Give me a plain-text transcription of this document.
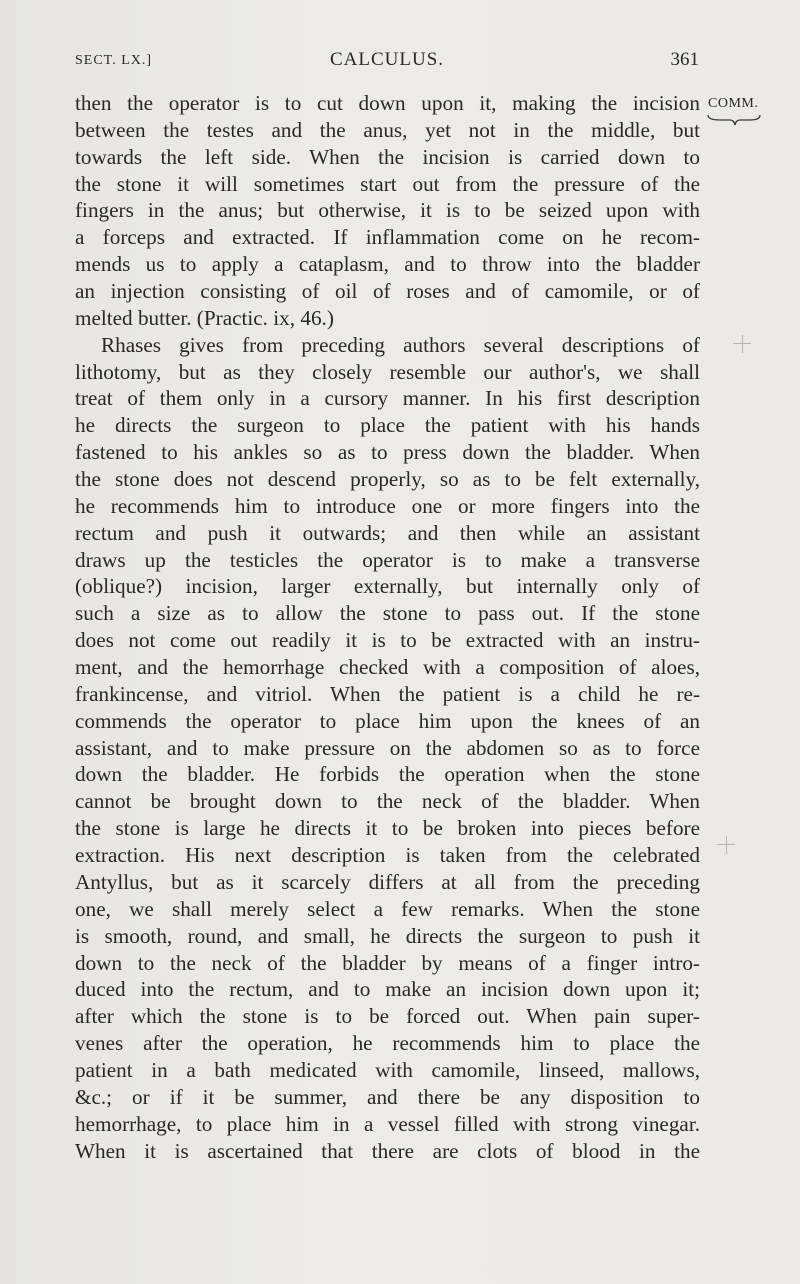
SECT. LX.]	CALCULUS.	361
COMM.
then the operator is to cut down upon it, making the incision
between the testes and the anus, yet not in the middle, but
towards the left side. When the incision is carried down to
the stone it will sometimes start out from the pressure of the
fingers in the anus; but otherwise, it is to be seized upon with
a forceps and extracted. If inflammation come on he recom-
mends us to apply a cataplasm, and to throw into the bladder
an injection consisting of oil of roses and of camomile, or of
melted butter. (Practic. ix, 46.)
Rhases gives from preceding authors several descriptions of
lithotomy, but as they closely resemble our author's, we shall
treat of them only in a cursory manner. In his first description
he directs the surgeon to place the patient with his hands
fastened to his ankles so as to press down the bladder. When
the stone does not descend properly, so as to be felt externally,
he recommends him to introduce one or more fingers into the
rectum and push it outwards; and then while an assistant
draws up the testicles the operator is to make a transverse
(oblique?) incision, larger externally, but internally only of
such a size as to allow the stone to pass out. If the stone
does not come out readily it is to be extracted with an instru-
ment, and the hemorrhage checked with a composition of aloes,
frankincense, and vitriol. When the patient is a child he re-
commends the operator to place him upon the knees of an
assistant, and to make pressure on the abdomen so as to force
down the bladder. He forbids the operation when the stone
cannot be brought down to the neck of the bladder. When
the stone is large he directs it to be broken into pieces before
extraction. His next description is taken from the celebrated
Antyllus, but as it scarcely differs at all from the preceding
one, we shall merely select a few remarks. When the stone
is smooth, round, and small, he directs the surgeon to push it
down to the neck of the bladder by means of a finger intro-
duced into the rectum, and to make an incision down upon it;
after which the stone is to be forced out. When pain super-
venes after the operation, he recommends him to place the
patient in a bath medicated with camomile, linseed, mallows,
&c.; or if it be summer, and there be any disposition to
hemorrhage, to place him in a vessel filled with strong vinegar.
When it is ascertained that there are clots of blood in the
